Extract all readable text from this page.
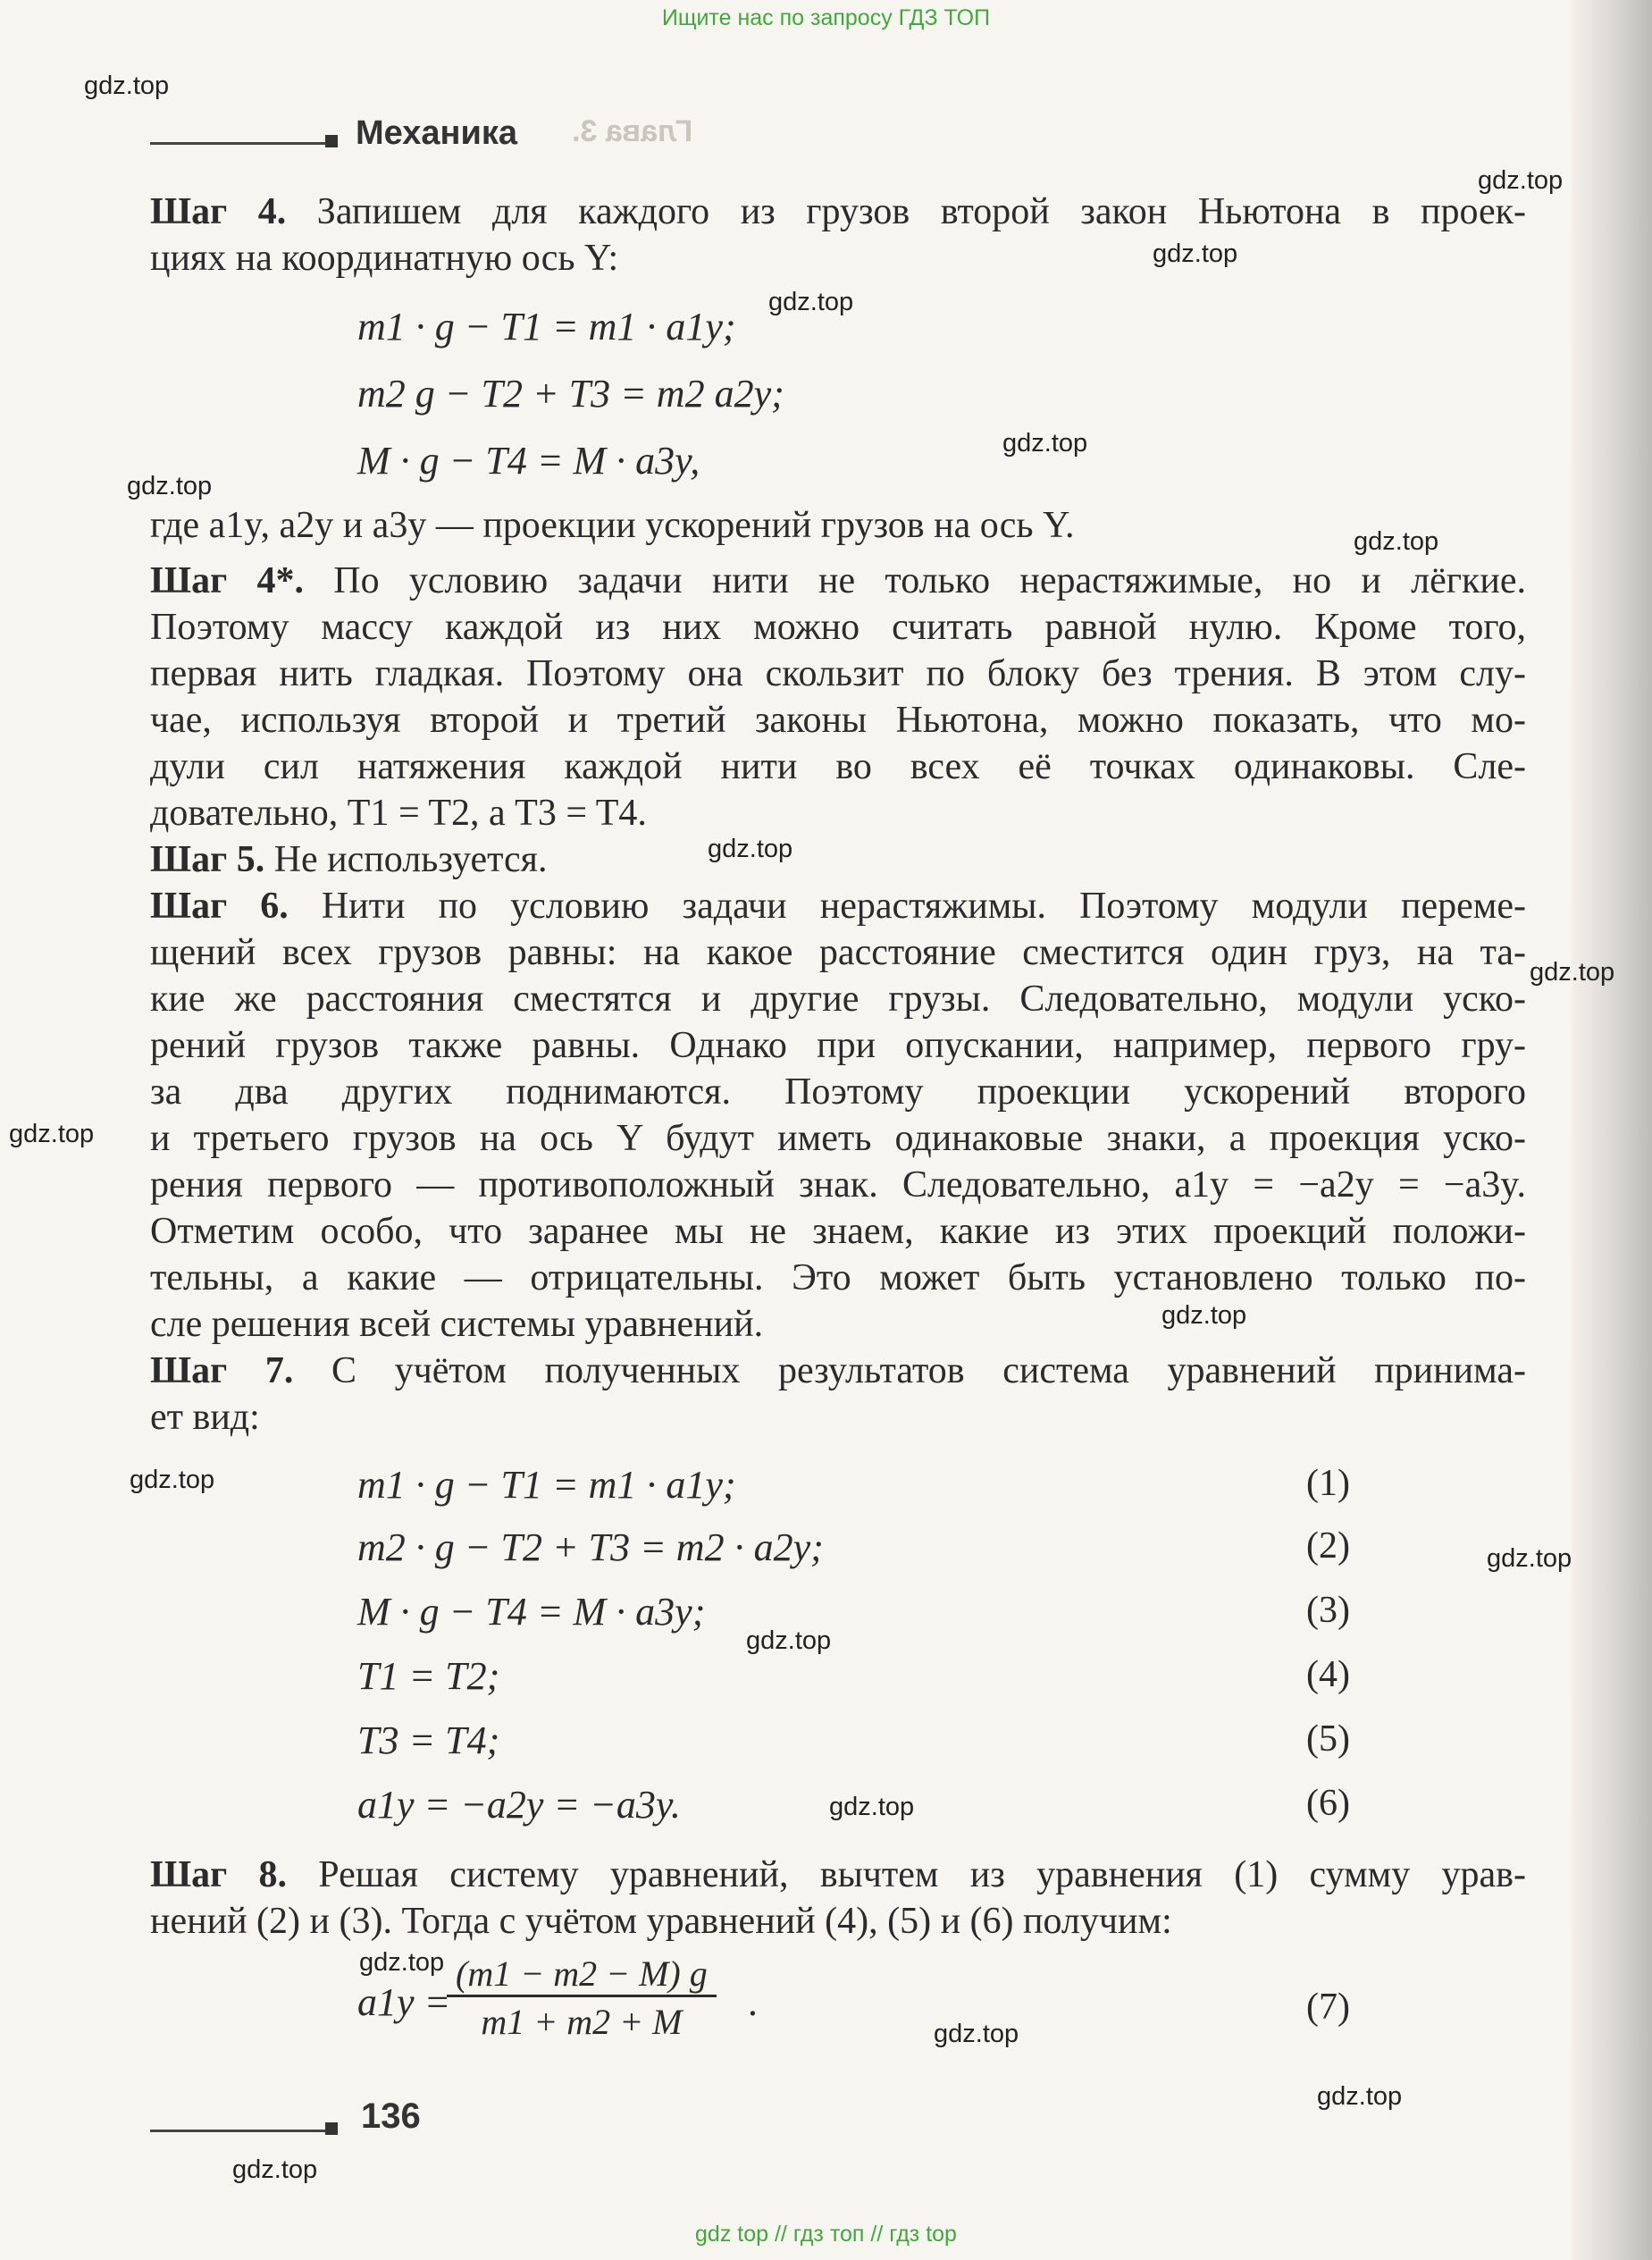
Ищите нас по запросу ГДЗ ТОП
gdz.top
gdz.top
gdz.top
gdz.top
gdz.top
gdz.top
gdz.top
gdz.top
gdz.top
gdz.top
gdz.top
gdz.top
gdz.top
gdz.top
gdz.top
gdz.top
gdz.top
gdz.top
gdz.top
Механика Глава 3.
Шаг 4. Запишем для каждого из грузов второй закон Ньютона в проек-
циях на координатную ось Y:
m1 · g − T1 = m1 · a1y;
m2 g − T2 + T3 = m2 a2y;
M · g − T4 = M · a3y,
где a1y, a2y и a3y — проекции ускорений грузов на ось Y.
Шаг 4*. По условию задачи нити не только нерастяжимые, но и лёгкие.
Поэтому массу каждой из них можно считать равной нулю. Кроме того,
первая нить гладкая. Поэтому она скользит по блоку без трения. В этом слу-
чае, используя второй и третий законы Ньютона, можно показать, что мо-
дули сил натяжения каждой нити во всех её точках одинаковы. Сле-
довательно, T1 = T2, а T3 = T4.
Шаг 5. Не используется.
Шаг 6. Нити по условию задачи нерастяжимы. Поэтому модули переме-
щений всех грузов равны: на какое расстояние сместится один груз, на та-
кие же расстояния сместятся и другие грузы. Следовательно, модули уско-
рений грузов также равны. Однако при опускании, например, первого гру-
за два других поднимаются. Поэтому проекции ускорений второго
и третьего грузов на ось Y будут иметь одинаковые знаки, а проекция уско-
рения первого — противоположный знак. Следовательно, a1y = −a2y = −a3y.
Отметим особо, что заранее мы не знаем, какие из этих проекций положи-
тельны, а какие — отрицательны. Это может быть установлено только по-
сле решения всей системы уравнений.
Шаг 7. С учётом полученных результатов система уравнений принима-
ет вид:
m1 · g − T1 = m1 · a1y;	(1)
m2 · g − T2 + T3 = m2 · a2y;	(2)
M · g − T4 = M · a3y;	(3)
T1 = T2;	(4)
T3 = T4;	(5)
a1y = −a2y = −a3y.	(6)
Шаг 8. Решая систему уравнений, вычтем из уравнения (1) сумму урав-
нений (2) и (3). Тогда с учётом уравнений (4), (5) и (6) получим:
a1y =
$\frac{(m1 - m2 - M) g}{m1 + m2 + M}$ .	(7)
136
gdz top // гдз топ // гдз top
